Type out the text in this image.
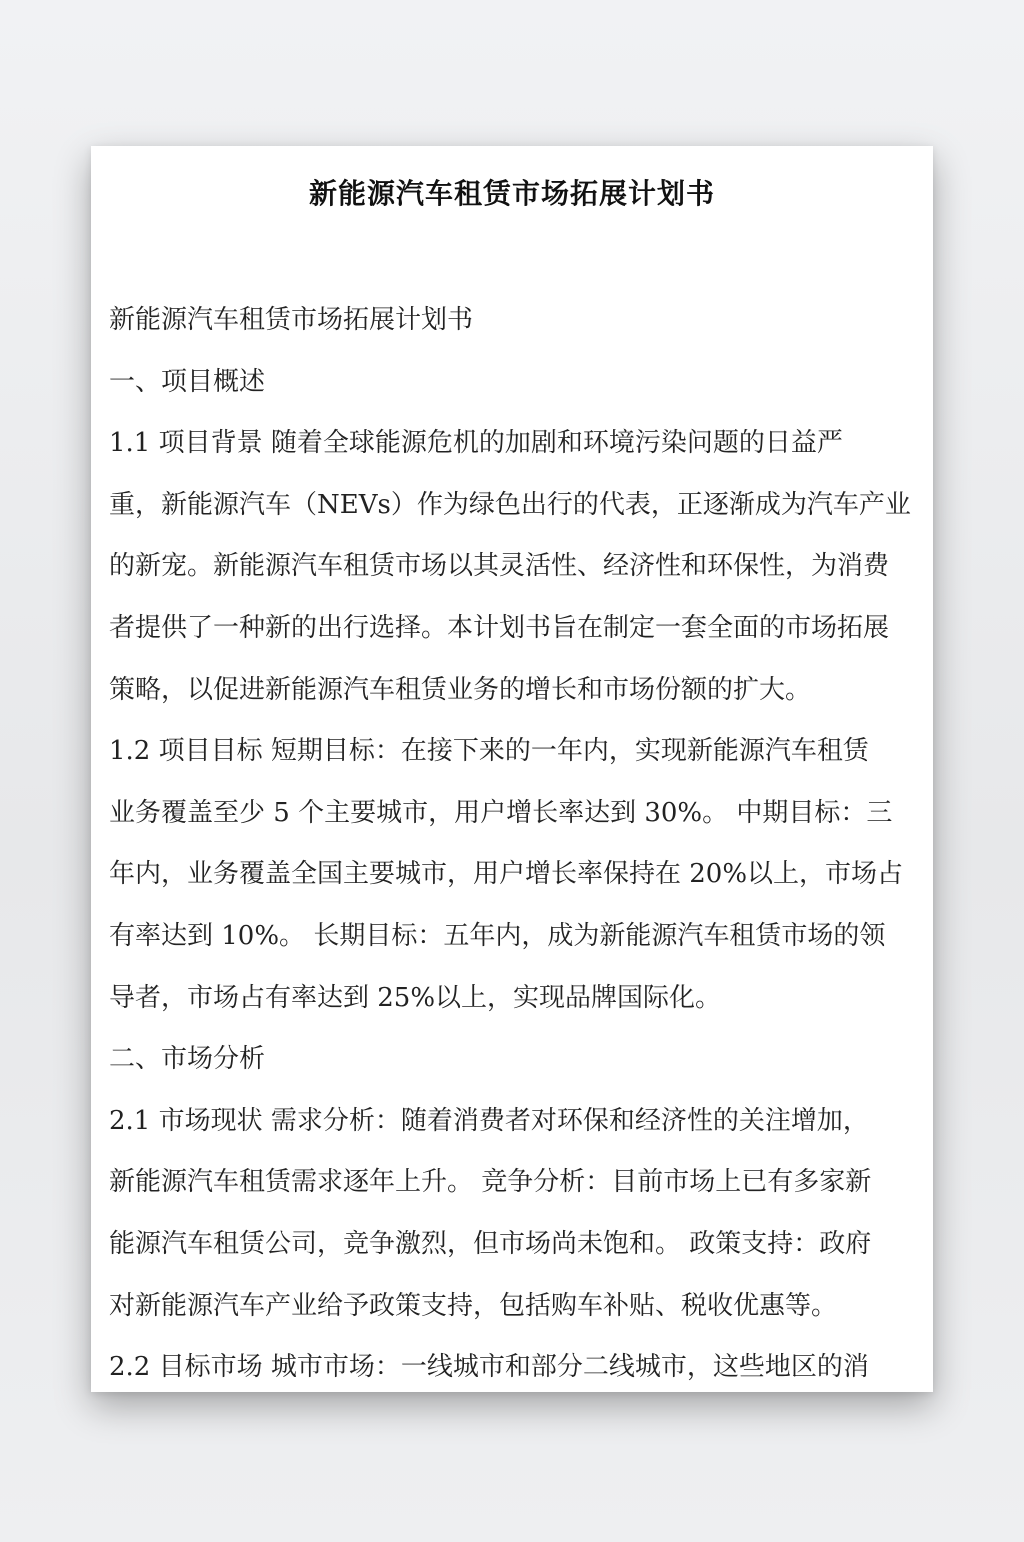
新能源汽车租赁市场拓展计划书
新能源汽车租赁市场拓展计划书
一、项目概述
1.1 项目背景 随着全球能源危机的加剧和环境污染问题的日益严
重，新能源汽车（NEVs）作为绿色出行的代表，正逐渐成为汽车产业
的新宠。新能源汽车租赁市场以其灵活性、经济性和环保性，为消费
者提供了一种新的出行选择。本计划书旨在制定一套全面的市场拓展
策略，以促进新能源汽车租赁业务的增长和市场份额的扩大。
1.2 项目目标 短期目标：在接下来的一年内，实现新能源汽车租赁
业务覆盖至少 5 个主要城市，用户增长率达到 30%。 中期目标：三
年内，业务覆盖全国主要城市，用户增长率保持在 20%以上，市场占
有率达到 10%。 长期目标：五年内，成为新能源汽车租赁市场的领
导者，市场占有率达到 25%以上，实现品牌国际化。
二、市场分析
2.1 市场现状 需求分析：随着消费者对环保和经济性的关注增加，
新能源汽车租赁需求逐年上升。 竞争分析：目前市场上已有多家新
能源汽车租赁公司，竞争激烈，但市场尚未饱和。 政策支持：政府
对新能源汽车产业给予政策支持，包括购车补贴、税收优惠等。
2.2 目标市场 城市市场：一线城市和部分二线城市，这些地区的消
